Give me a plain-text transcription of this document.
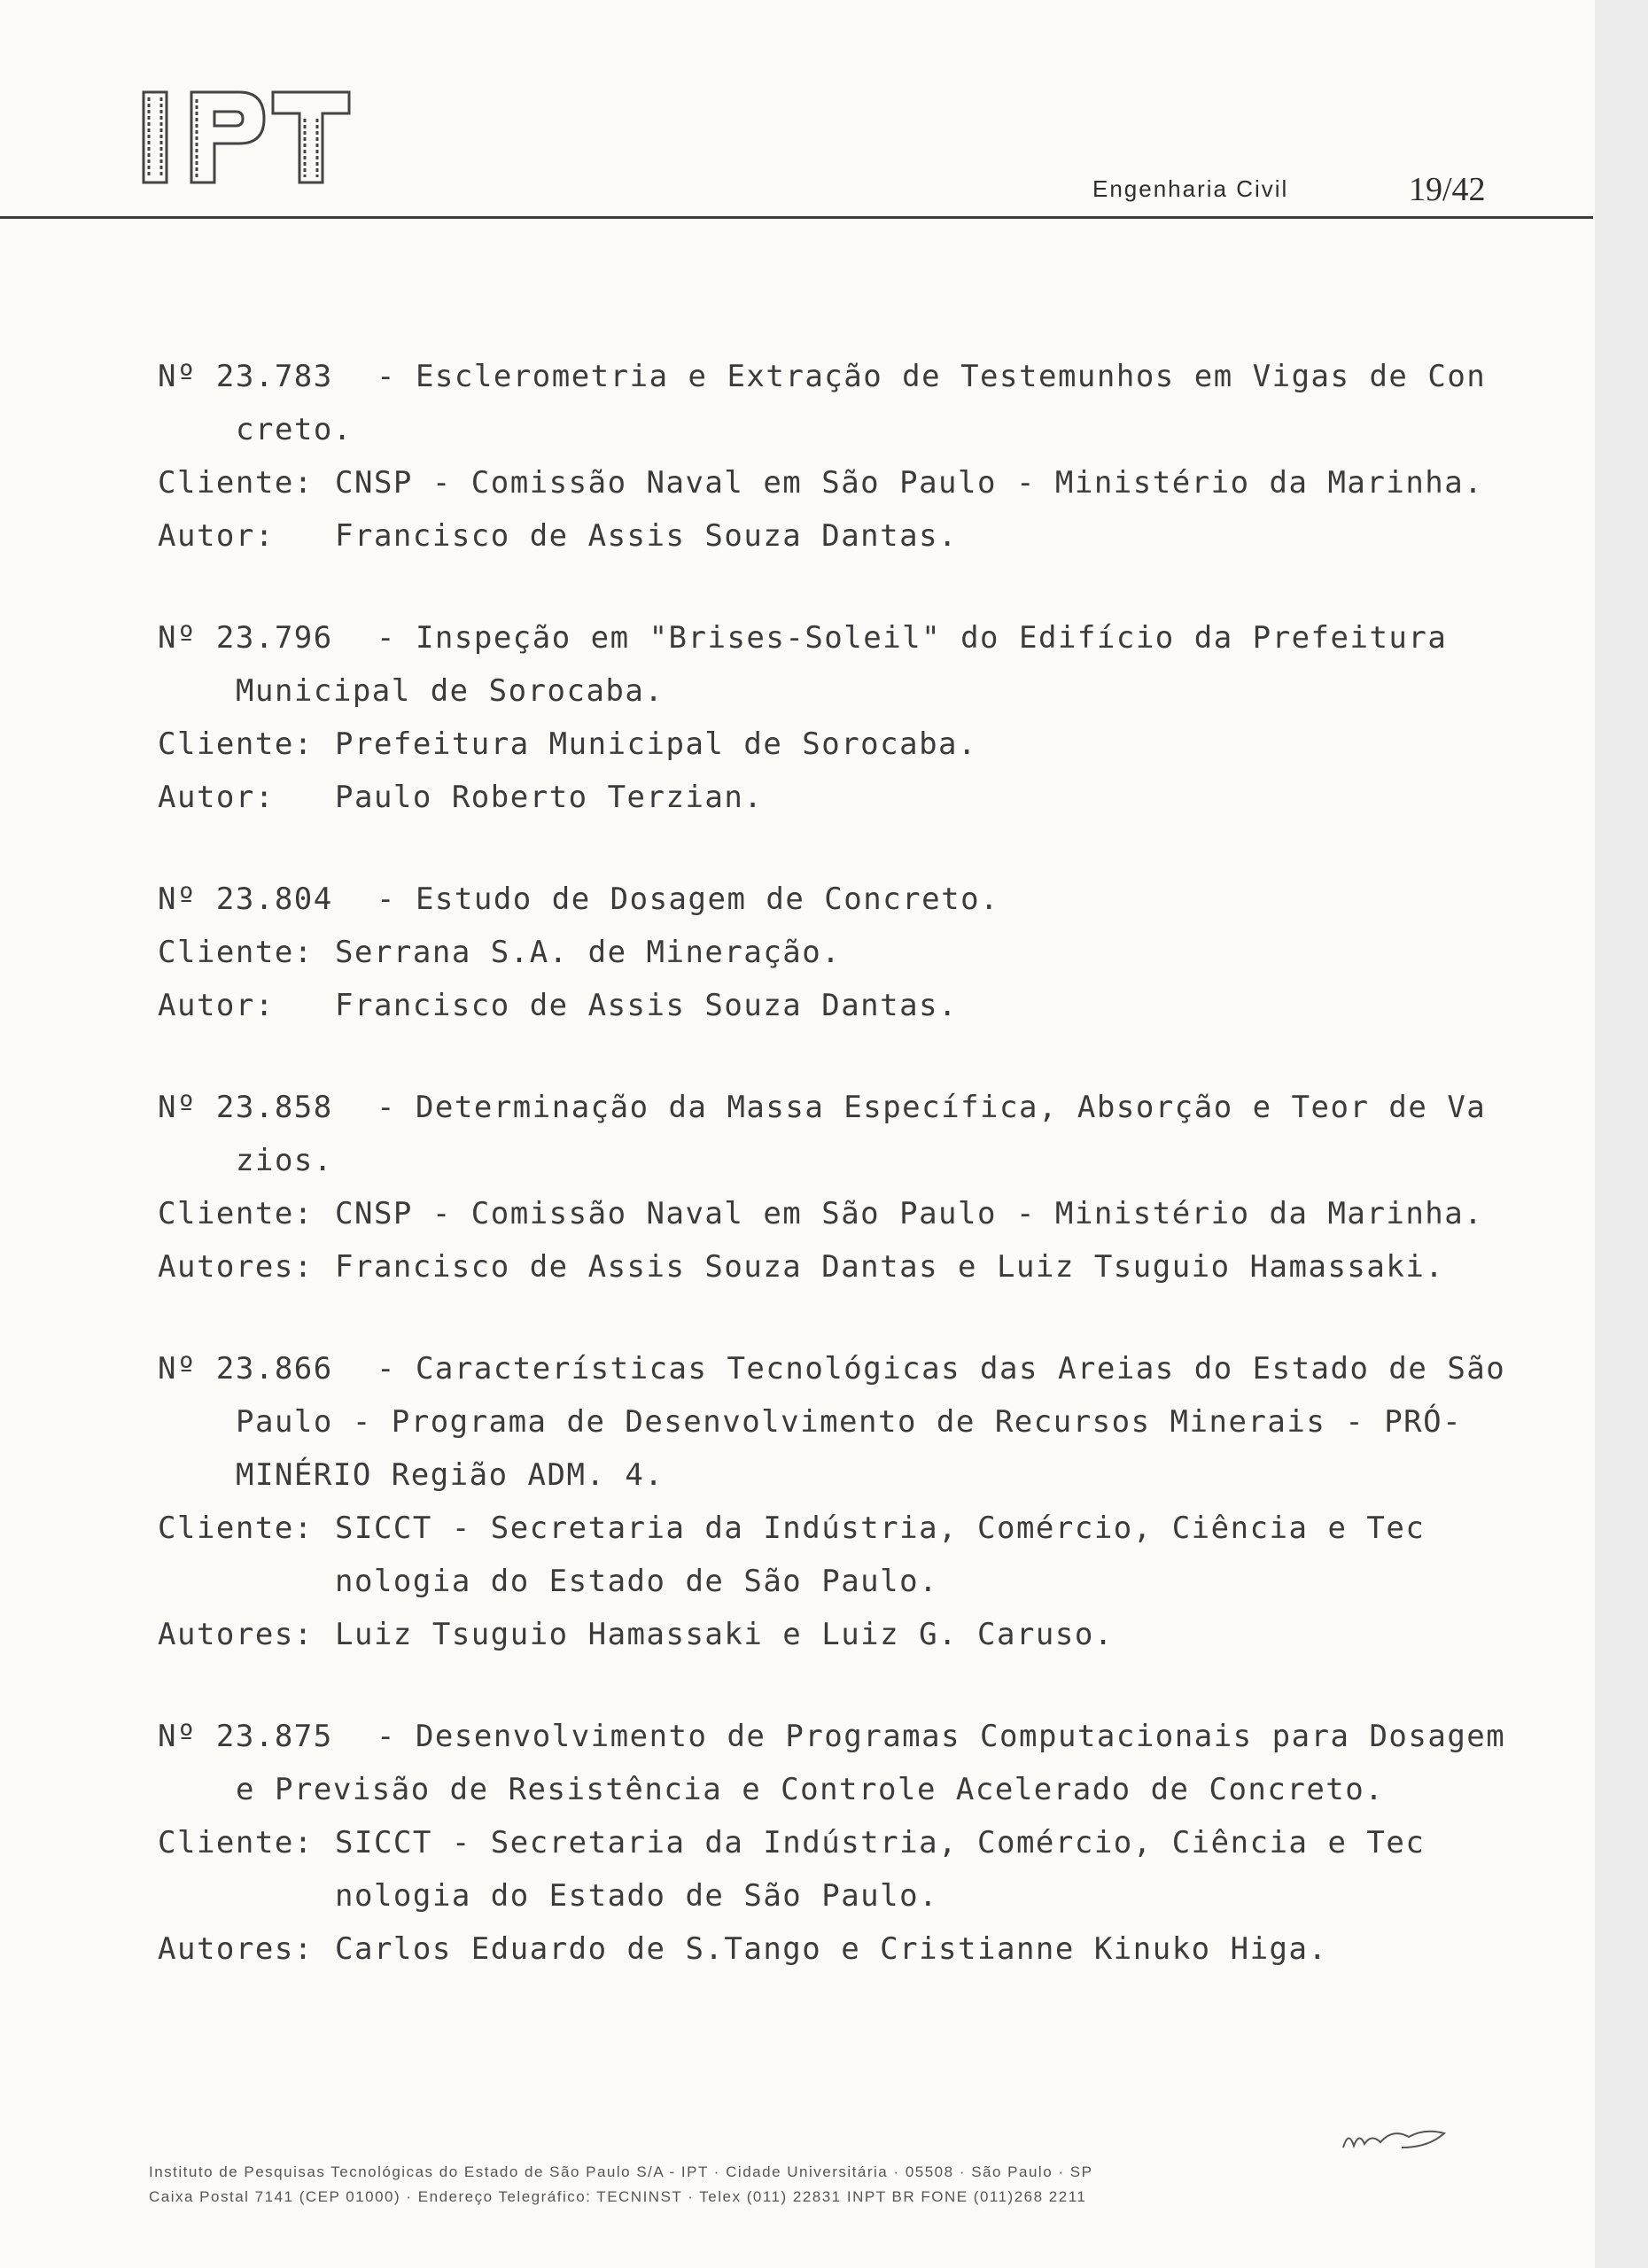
Engenharia Civil	19/42
Nº 23.783 - Esclerometria e Extração de Testemunhos em Vigas de Con
creto.
Cliente: CNSP - Comissão Naval em São Paulo - Ministério da Marinha.
Autor: Francisco de Assis Souza Dantas.
Nº 23.796 - Inspeção em "Brises-Soleil" do Edifício da Prefeitura
Municipal de Sorocaba.
Cliente: Prefeitura Municipal de Sorocaba.
Autor: Paulo Roberto Terzian.
Nº 23.804 - Estudo de Dosagem de Concreto.
Cliente: Serrana S.A. de Mineração.
Autor: Francisco de Assis Souza Dantas.
Nº 23.858 - Determinação da Massa Específica, Absorção e Teor de Va
zios.
Cliente: CNSP - Comissão Naval em São Paulo - Ministério da Marinha.
Autores: Francisco de Assis Souza Dantas e Luiz Tsuguio Hamassaki.
Nº 23.866 - Características Tecnológicas das Areias do Estado de São
Paulo - Programa de Desenvolvimento de Recursos Minerais - PRÓ-
MINÉRIO Região ADM. 4.
Cliente: SICCT - Secretaria da Indústria, Comércio, Ciência e Tec
nologia do Estado de São Paulo.
Autores: Luiz Tsuguio Hamassaki e Luiz G. Caruso.
Nº 23.875 - Desenvolvimento de Programas Computacionais para Dosagem
e Previsão de Resistência e Controle Acelerado de Concreto.
Cliente: SICCT - Secretaria da Indústria, Comércio, Ciência e Tec
nologia do Estado de São Paulo.
Autores: Carlos Eduardo de S.Tango e Cristianne Kinuko Higa.
Instituto de Pesquisas Tecnológicas do Estado de São Paulo S/A - IPT · Cidade Universitária · 05508 · São Paulo · SP
Caixa Postal 7141 (CEP 01000) · Endereço Telegráfico: TECNINST · Telex (011) 22831 INPT BR FONE (011)268 2211
